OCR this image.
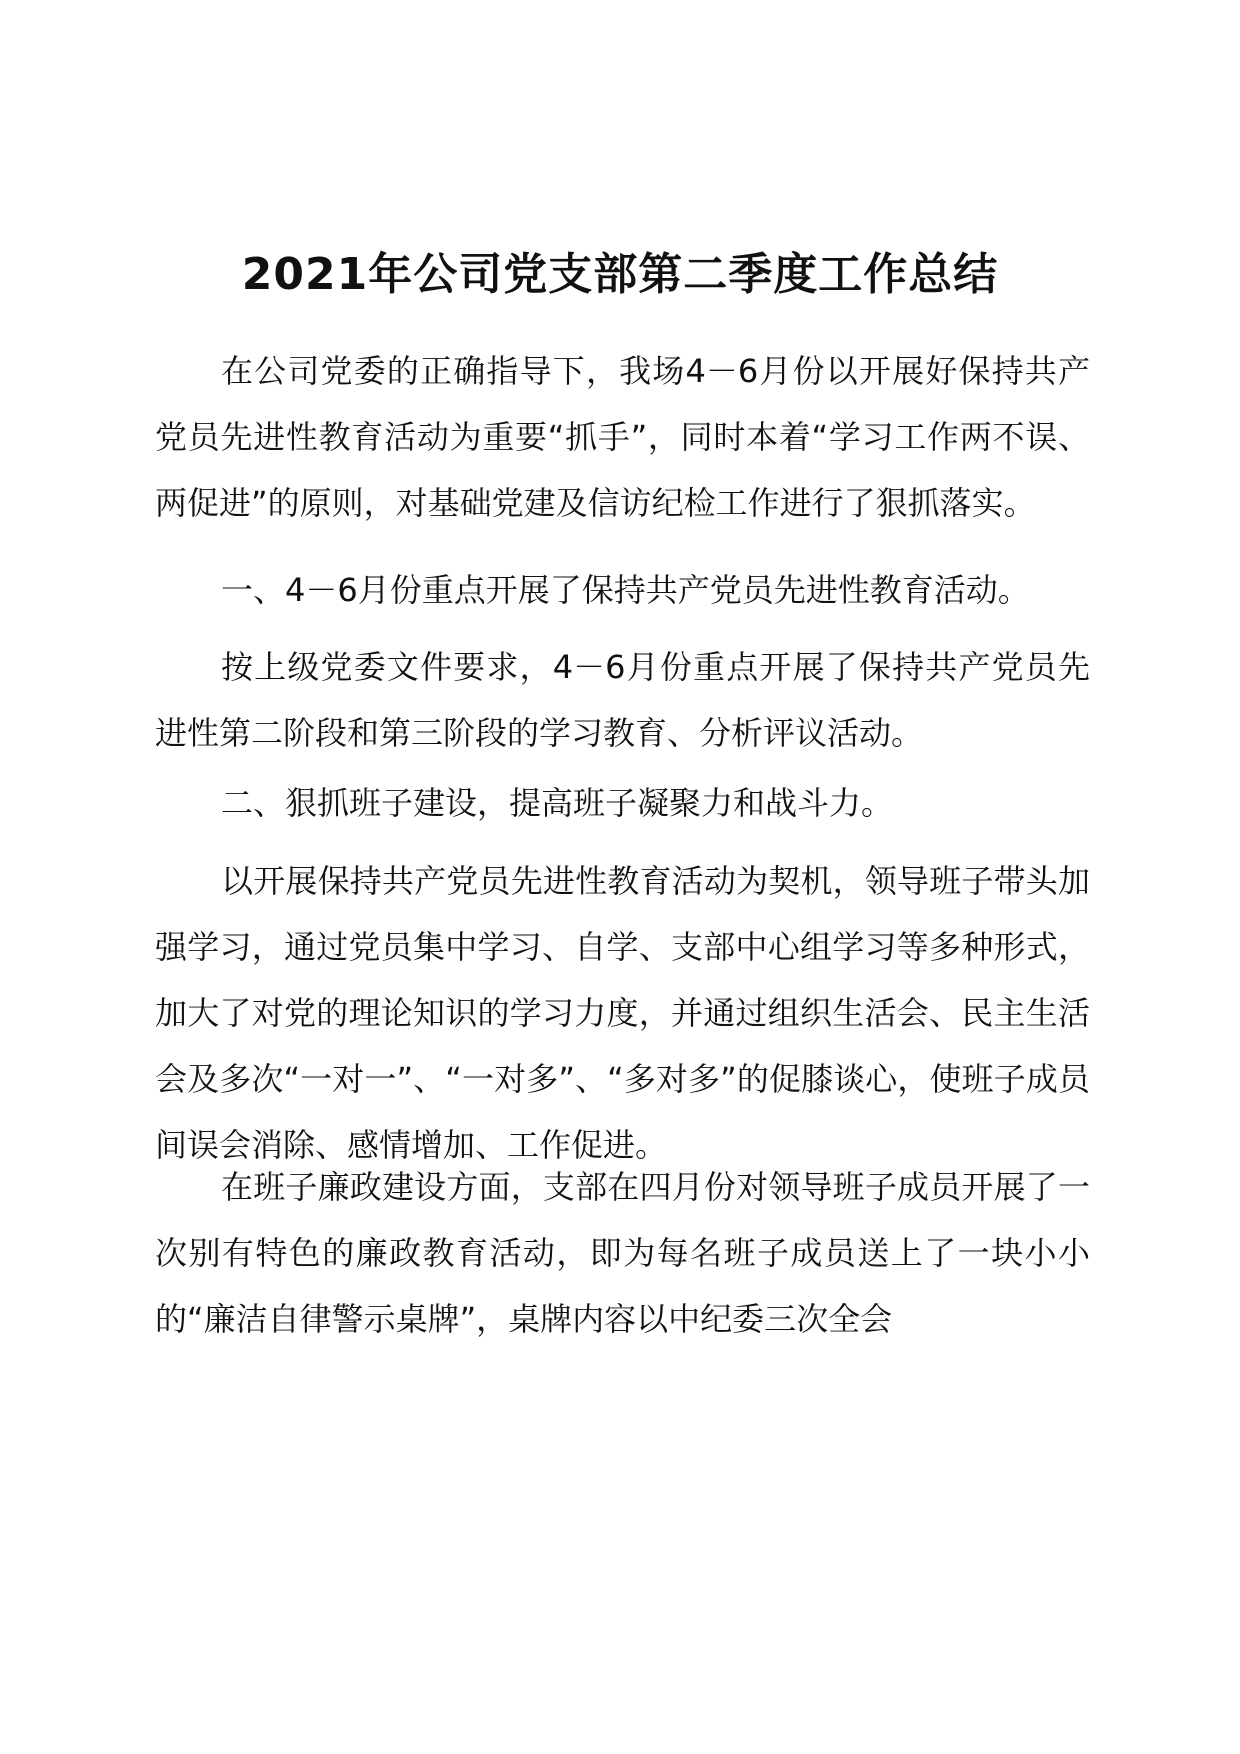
2021年公司党支部第二季度工作总结

在公司党委的正确指导下，我场4－6月份以开展好保持共产党员先进性教育活动为重要“抓手”，同时本着“学习工作两不误、两促进”的原则，对基础党建及信访纪检工作进行了狠抓落实。

一、4－6月份重点开展了保持共产党员先进性教育活动。

按上级党委文件要求，4－6月份重点开展了保持共产党员先进性第二阶段和第三阶段的学习教育、分析评议活动。

二、狠抓班子建设，提高班子凝聚力和战斗力。

以开展保持共产党员先进性教育活动为契机，领导班子带头加强学习，通过党员集中学习、自学、支部中心组学习等多种形式，加大了对党的理论知识的学习力度，并通过组织生活会、民主生活会及多次“一对一”、“一对多”、“多对多”的促膝谈心，使班子成员间误会消除、感情增加、工作促进。

在班子廉政建设方面，支部在四月份对领导班子成员开展了一次别有特色的廉政教育活动，即为每名班子成员送上了一块小小的“廉洁自律警示桌牌”，桌牌内容以中纪委三次全会
